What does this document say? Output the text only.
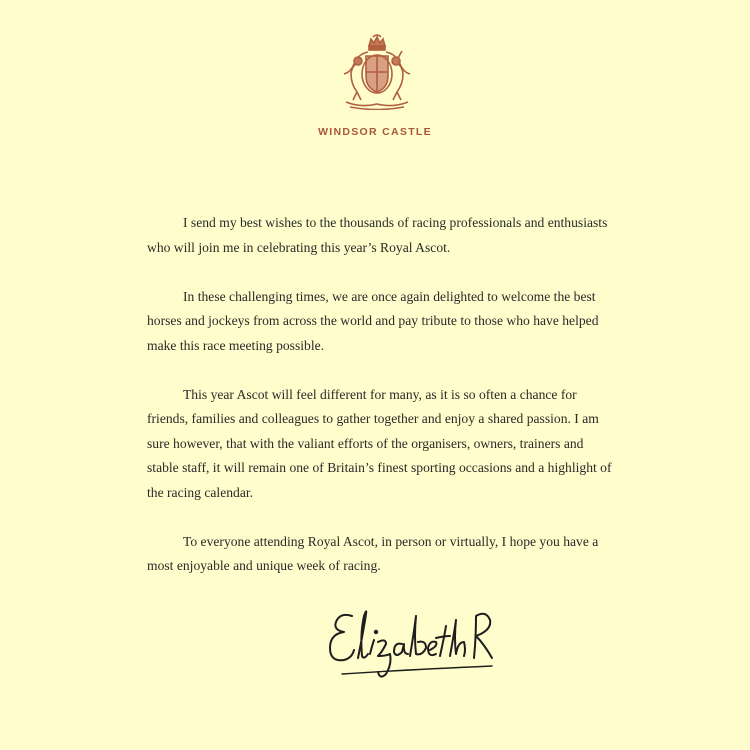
WINDSOR CASTLE

I send my best wishes to the thousands of racing professionals and enthusiasts who will join me in celebrating this year’s Royal Ascot.

In these challenging times, we are once again delighted to welcome the best horses and jockeys from across the world and pay tribute to those who have helped make this race meeting possible.

This year Ascot will feel different for many, as it is so often a chance for friends, families and colleagues to gather together and enjoy a shared passion. I am sure however, that with the valiant efforts of the organisers, owners, trainers and stable staff, it will remain one of Britain’s finest sporting occasions and a highlight of the racing calendar.

To everyone attending Royal Ascot, in person or virtually, I hope you have a most enjoyable and unique week of racing.
